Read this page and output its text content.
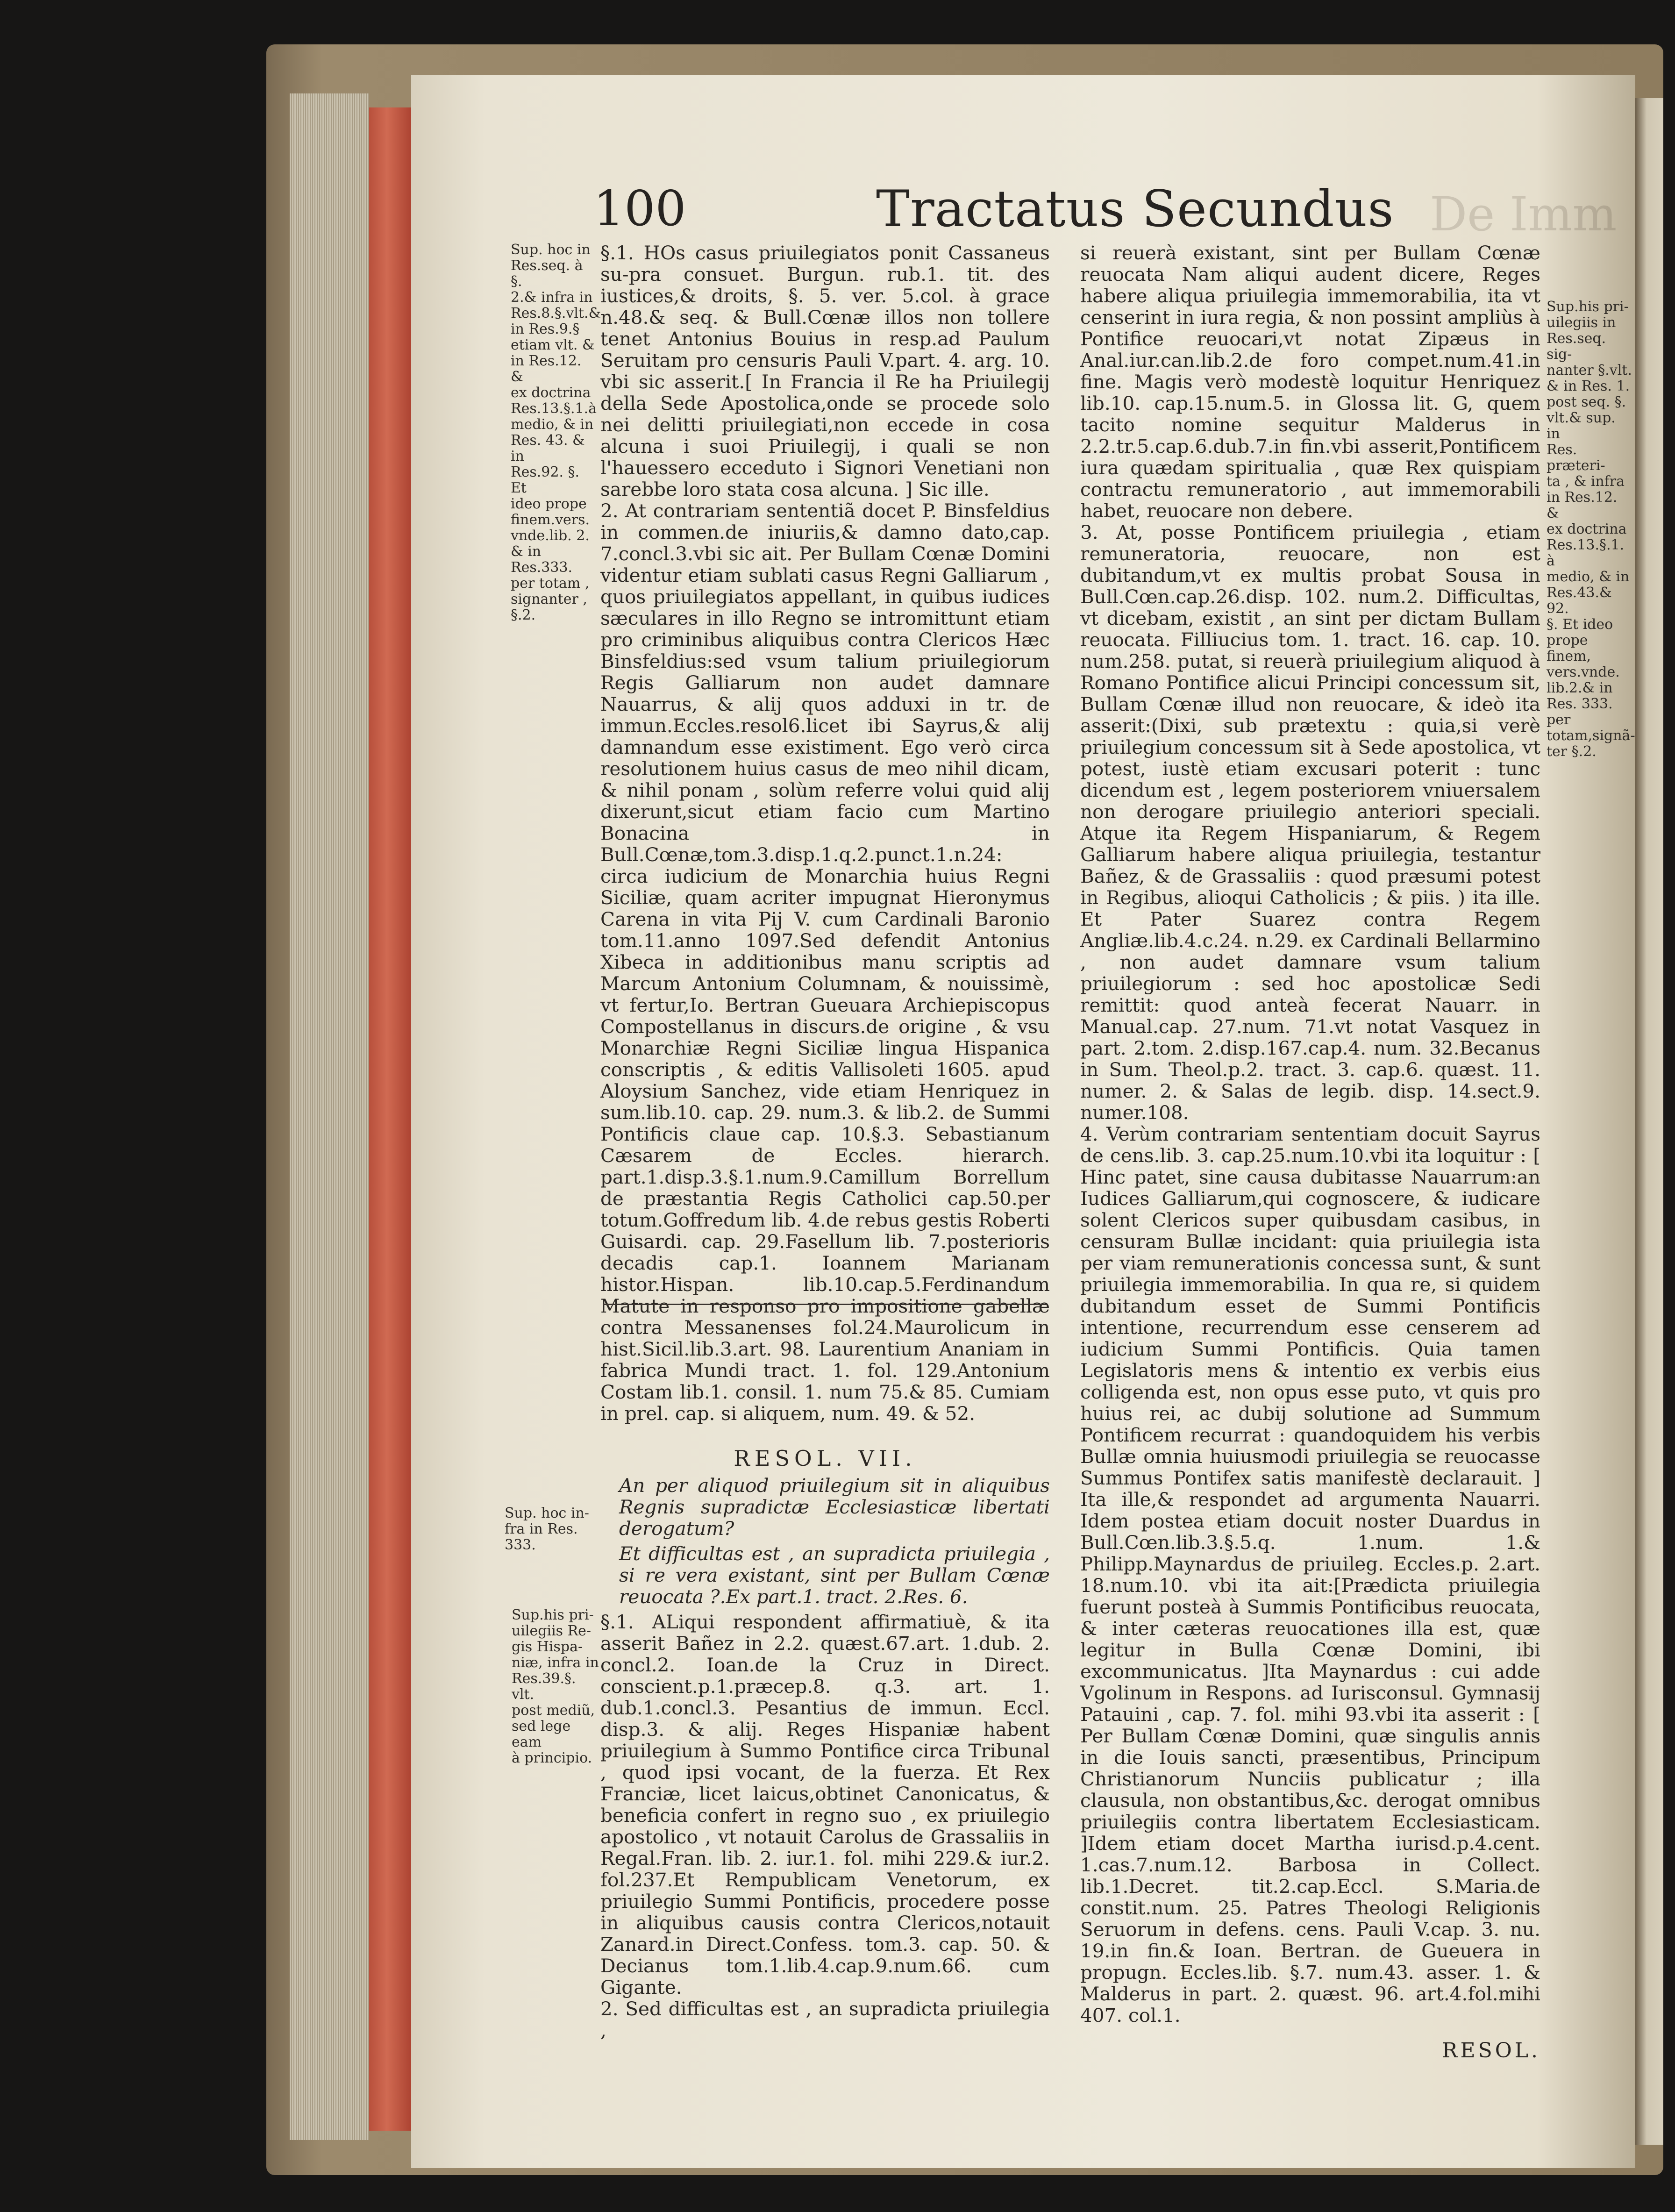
100	Tractatus Secundus De Imm
Sup. hoc in
Res.seq. à §.
2.& infra in
Res.8.§.vlt.&
in Res.9.§
etiam vlt. &
in Res.12. &
ex doctrina
Res.13.§.1.à
medio, & in
Res. 43. & in
Res.92. §. Et
ideo prope
finem.vers.
vnde.lib. 2.
& in Res.333.
per totam ,
signanter ,
§.2.
Sup. hoc in-
fra in Res.
333.
Sup.his pri-
uilegiis Re-
gis Hispa-
niæ, infra in
Res.39.§. vlt.
post mediũ,
sed lege eam
à principio.
Sup.his pri-
uilegiis in
Res.seq. sig-
nanter §.vlt.
& in Res. 1.
post seq. §.
vlt.& sup. in
Res. præteri-
ta , & infra
in Res.12. &
ex doctrina
Res.13.§.1. à
medio, & in
Res.43.& 92.
§. Et ideo
prope finem,
vers.vnde.
lib.2.& in
Res. 333. per
totam,signã-
ter §.2.

§.1. HOs casus priuilegiatos ponit Cassaneus su-pra consuet. Burgun. rub.1. tit. des iustices,& droits, §. 5. ver. 5.col. à grace n.48.& seq. & Bull.Cœnæ illos non tollere tenet Antonius Bouius in resp.ad Paulum Seruitam pro censuris Pauli V.part. 4. arg. 10. vbi sic asserit.[ In Francia il Re ha Priuilegij della Sede Apostolica,onde se procede solo nei delitti priuilegiati,non eccede in cosa alcuna i suoi Priuilegij, i quali se non l'hauessero ecceduto i Signori Venetiani non sarebbe loro stata cosa alcuna. ] Sic ille.

2. At contrariam sententiã docet P. Binsfeldius in commen.de iniuriis,& damno dato,cap. 7.concl.3.vbi sic ait. Per Bullam Cœnæ Domini videntur etiam sublati casus Regni Galliarum , quos priuilegiatos appellant, in quibus iudices sæculares in illo Regno se intromittunt etiam pro criminibus aliquibus contra Clericos Hæc Binsfeldius:sed vsum talium priuilegiorum Regis Galliarum non audet damnare Nauarrus, & alij quos adduxi in tr. de immun.Eccles.resol6.licet ibi Sayrus,& alij damnandum esse existiment. Ego verò circa resolutionem huius casus de meo nihil dicam, & nihil ponam , solùm referre volui quid alij dixerunt,sicut etiam facio cum Martino Bonacina in Bull.Cœnæ,tom.3.disp.1.q.2.punct.1.n.24: circa iudicium de Monarchia huius Regni Siciliæ, quam acriter impugnat Hieronymus Carena in vita Pij V. cum Cardinali Baronio tom.11.anno 1097.Sed defendit Antonius Xibeca in additionibus manu scriptis ad Marcum Antonium Columnam, & nouissimè, vt fertur,Io. Bertran Gueuara Archiepiscopus Compostellanus in discurs.de origine , & vsu Monarchiæ Regni Siciliæ lingua Hispanica conscriptis , & editis Vallisoleti 1605. apud Aloysium Sanchez, vide etiam Henriquez in sum.lib.10. cap. 29. num.3. & lib.2. de Summi Pontificis claue cap. 10.§.3. Sebastianum Cæsarem de Eccles. hierarch. part.1.disp.3.§.1.num.9.Camillum Borrellum de præstantia Regis Catholici cap.50.per totum.Goffredum lib. 4.de rebus gestis Roberti Guisardi. cap. 29.Fasellum lib. 7.posterioris decadis cap.1. Ioannem Marianam histor.Hispan. lib.10.cap.5.Ferdinandum Matute in responso pro impositione gabellæ contra Messanenses fol.24.Maurolicum in hist.Sicil.lib.3.art. 98. Laurentium Ananiam in fabrica Mundi tract. 1. fol. 129.Antonium Costam lib.1. consil. 1. num 75.& 85. Cumiam in prel. cap. si aliquem, num. 49. & 52.

RESOL. VII.

An per aliquod priuilegium sit in aliquibus Regnis supradictæ Ecclesiasticæ libertati derogatum?

Et difficultas est , an supradicta priuilegia , si re vera existant, sint per Bullam Cœnæ reuocata ?.Ex part.1. tract. 2.Res. 6.

§.1. ALiqui respondent affirmatiuè, & ita asserit Bañez in 2.2. quæst.67.art. 1.dub. 2. concl.2. Ioan.de la Cruz in Direct. conscient.p.1.præcep.8. q.3. art. 1. dub.1.concl.3. Pesantius de immun. Eccl. disp.3. & alij. Reges Hispaniæ habent priuilegium à Summo Pontifice circa Tribunal , quod ipsi vocant, de la fuerza. Et Rex Franciæ, licet laicus,obtinet Canonicatus, & beneficia confert in regno suo , ex priuilegio apostolico , vt notauit Carolus de Grassaliis in Regal.Fran. lib. 2. iur.1. fol. mihi 229.& iur.2. fol.237.Et Rempublicam Venetorum, ex priuilegio Summi Pontificis, procedere posse in aliquibus causis contra Clericos,notauit Zanard.in Direct.Confess. tom.3. cap. 50. & Decianus tom.1.lib.4.cap.9.num.66. cum Gigante.

2. Sed difficultas est , an supradicta priuilegia ,

si reuerà existant, sint per Bullam Cœnæ reuocata Nam aliqui audent dicere, Reges habere aliqua priuilegia immemorabilia, ita vt censerint in iura regia, & non possint ampliùs à Pontifice reuocari,vt notat Zipæus in Anal.iur.can.lib.2.de foro compet.num.41.in fine. Magis verò modestè loquitur Henriquez lib.10. cap.15.num.5. in Glossa lit. G, quem tacito nomine sequitur Malderus in 2.2.tr.5.cap.6.dub.7.in fin.vbi asserit,Pontificem iura quædam spiritualia , quæ Rex quispiam contractu remuneratorio , aut immemorabili habet, reuocare non debere.

3. At, posse Pontificem priuilegia , etiam remuneratoria, reuocare, non est dubitandum,vt ex multis probat Sousa in Bull.Cœn.cap.26.disp. 102. num.2. Difficultas, vt dicebam, existit , an sint per dictam Bullam reuocata. Filliucius tom. 1. tract. 16. cap. 10. num.258. putat, si reuerà priuilegium aliquod à Romano Pontifice alicui Principi concessum sit, Bullam Cœnæ illud non reuocare, & ideò ita asserit:(Dixi, sub prætextu : quia,si verè priuilegium concessum sit à Sede apostolica, vt potest, iustè etiam excusari poterit : tunc dicendum est , legem posteriorem vniuersalem non derogare priuilegio anteriori speciali. Atque ita Regem Hispaniarum, & Regem Galliarum habere aliqua priuilegia, testantur Bañez, & de Grassaliis : quod præsumi potest in Regibus, alioqui Catholicis ; & piis. ) ita ille. Et Pater Suarez contra Regem Angliæ.lib.4.c.24. n.29. ex Cardinali Bellarmino , non audet damnare vsum talium priuilegiorum : sed hoc apostolicæ Sedi remittit: quod anteà fecerat Nauarr. in Manual.cap. 27.num. 71.vt notat Vasquez in part. 2.tom. 2.disp.167.cap.4. num. 32.Becanus in Sum. Theol.p.2. tract. 3. cap.6. quæst. 11. numer. 2. & Salas de legib. disp. 14.sect.9. numer.108.

4. Verùm contrariam sententiam docuit Sayrus de cens.lib. 3. cap.25.num.10.vbi ita loquitur : [ Hinc patet, sine causa dubitasse Nauarrum:an Iudices Galliarum,qui cognoscere, & iudicare solent Clericos super quibusdam casibus, in censuram Bullæ incidant: quia priuilegia ista per viam remunerationis concessa sunt, & sunt priuilegia immemorabilia. In qua re, si quidem dubitandum esset de Summi Pontificis intentione, recurrendum esse censerem ad iudicium Summi Pontificis. Quia tamen Legislatoris mens & intentio ex verbis eius colligenda est, non opus esse puto, vt quis pro huius rei, ac dubij solutione ad Summum Pontificem recurrat : quandoquidem his verbis Bullæ omnia huiusmodi priuilegia se reuocasse Summus Pontifex satis manifestè declarauit. ] Ita ille,& respondet ad argumenta Nauarri. Idem postea etiam docuit noster Duardus in Bull.Cœn.lib.3.§.5.q. 1.num. 1.& Philipp.Maynardus de priuileg. Eccles.p. 2.art. 18.num.10. vbi ita ait:[Prædicta priuilegia fuerunt posteà à Summis Pontificibus reuocata, & inter cæteras reuocationes illa est, quæ legitur in Bulla Cœnæ Domini, ibi excommunicatus. ]Ita Maynardus : cui adde Vgolinum in Respons. ad Iurisconsul. Gymnasij Patauini , cap. 7. fol. mihi 93.vbi ita asserit : [ Per Bullam Cœnæ Domini, quæ singulis annis in die Iouis sancti, præsentibus, Principum Christianorum Nunciis publicatur ; illa clausula, non obstantibus,&c. derogat omnibus priuilegiis contra libertatem Ecclesiasticam. ]Idem etiam docet Martha iurisd.p.4.cent. 1.cas.7.num.12. Barbosa in Collect. lib.1.Decret. tit.2.cap.Eccl. S.Maria.de constit.num. 25. Patres Theologi Religionis Seruorum in defens. cens. Pauli V.cap. 3. nu. 19.in fin.& Ioan. Bertran. de Gueuera in propugn. Eccles.lib. §.7. num.43. asser. 1. & Malderus in part. 2. quæst. 96. art.4.fol.mihi 407. col.1.

RESOL.
